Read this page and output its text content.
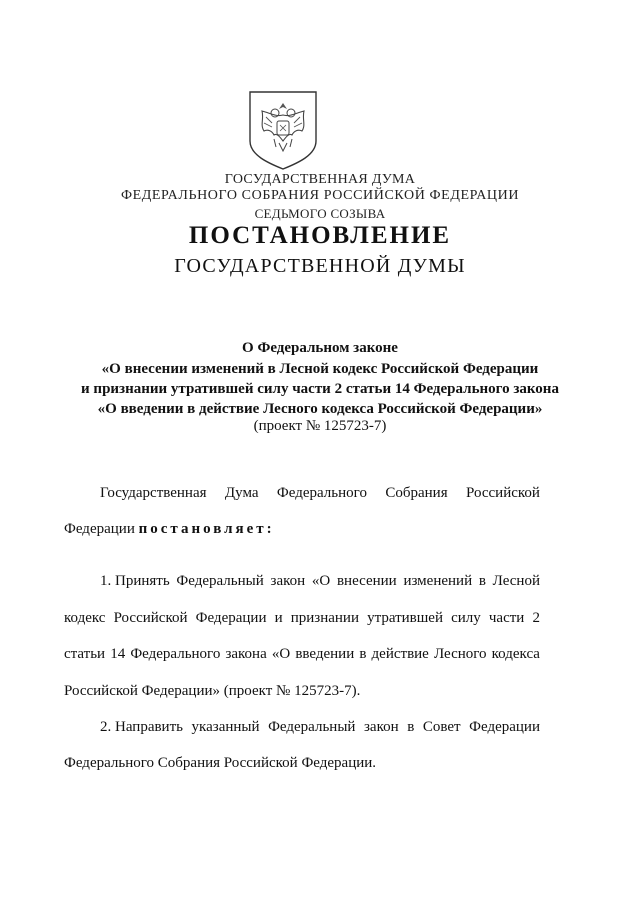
ГОСУДАРСТВЕННАЯ ДУМА
ФЕДЕРАЛЬНОГО СОБРАНИЯ РОССИЙСКОЙ ФЕДЕРАЦИИ
СЕДЬМОГО СОЗЫВА
ПОСТАНОВЛЕНИЕ
ГОСУДАРСТВЕННОЙ ДУМЫ
О Федеральном законе
«О внесении изменений в Лесной кодекс Российской Федерации
и признании утратившей силу части 2 статьи 14 Федерального закона
«О введении в действие Лесного кодекса Российской Федерации»
(проект № 125723-7)
Государственная Дума Федерального Собрания Российской
Федерации постановляет:
1. Принять Федеральный закон «О внесении изменений в Лесной
кодекс Российской Федерации и признании утратившей силу части 2
статьи 14 Федерального закона «О введении в действие Лесного кодекса
Российской Федерации» (проект № 125723-7).
2. Направить указанный Федеральный закон в Совет Федерации
Федерального Собрания Российской Федерации.
